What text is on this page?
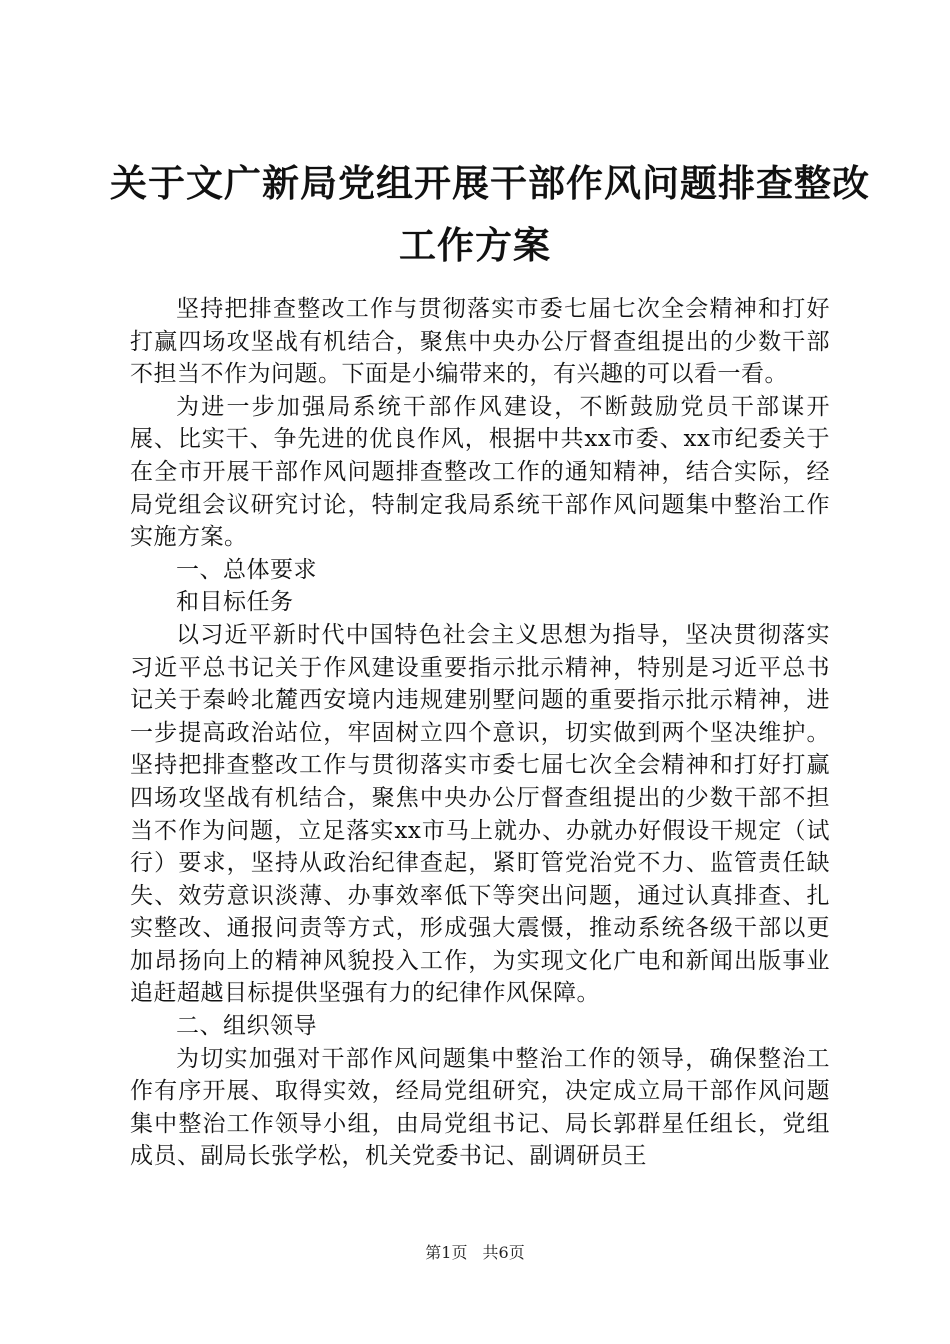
关于文广新局党组开展干部作风问题排查整改
工作方案

坚持把排查整改工作与贯彻落实市委七届七次全会精神和打好打赢四场攻坚战有机结合，聚焦中央办公厅督查组提出的少数干部不担当不作为问题。下面是小编带来的，有兴趣的可以看一看。

为进一步加强局系统干部作风建设，不断鼓励党员干部谋开展、比实干、争先进的优良作风，根据中共xx市委、xx市纪委关于在全市开展干部作风问题排查整改工作的通知精神，结合实际，经局党组会议研究讨论，特制定我局系统干部作风问题集中整治工作实施方案。

一、总体要求

和目标任务

以习近平新时代中国特色社会主义思想为指导，坚决贯彻落实习近平总书记关于作风建设重要指示批示精神，特别是习近平总书记关于秦岭北麓西安境内违规建别墅问题的重要指示批示精神，进一步提高政治站位，牢固树立四个意识，切实做到两个坚决维护。坚持把排查整改工作与贯彻落实市委七届七次全会精神和打好打赢四场攻坚战有机结合，聚焦中央办公厅督查组提出的少数干部不担当不作为问题，立足落实xx市马上就办、办就办好假设干规定（试行）要求，坚持从政治纪律查起，紧盯管党治党不力、监管责任缺失、效劳意识淡薄、办事效率低下等突出问题，通过认真排查、扎实整改、通报问责等方式，形成强大震慑，推动系统各级干部以更加昂扬向上的精神风貌投入工作，为实现文化广电和新闻出版事业追赶超越目标提供坚强有力的纪律作风保障。

二、组织领导

为切实加强对干部作风问题集中整治工作的领导，确保整治工作有序开展、取得实效，经局党组研究，决定成立局干部作风问题集中整治工作领导小组，由局党组书记、局长郭群星任组长，党组成员、副局长张学松，机关党委书记、副调研员王

第1页 共6页
